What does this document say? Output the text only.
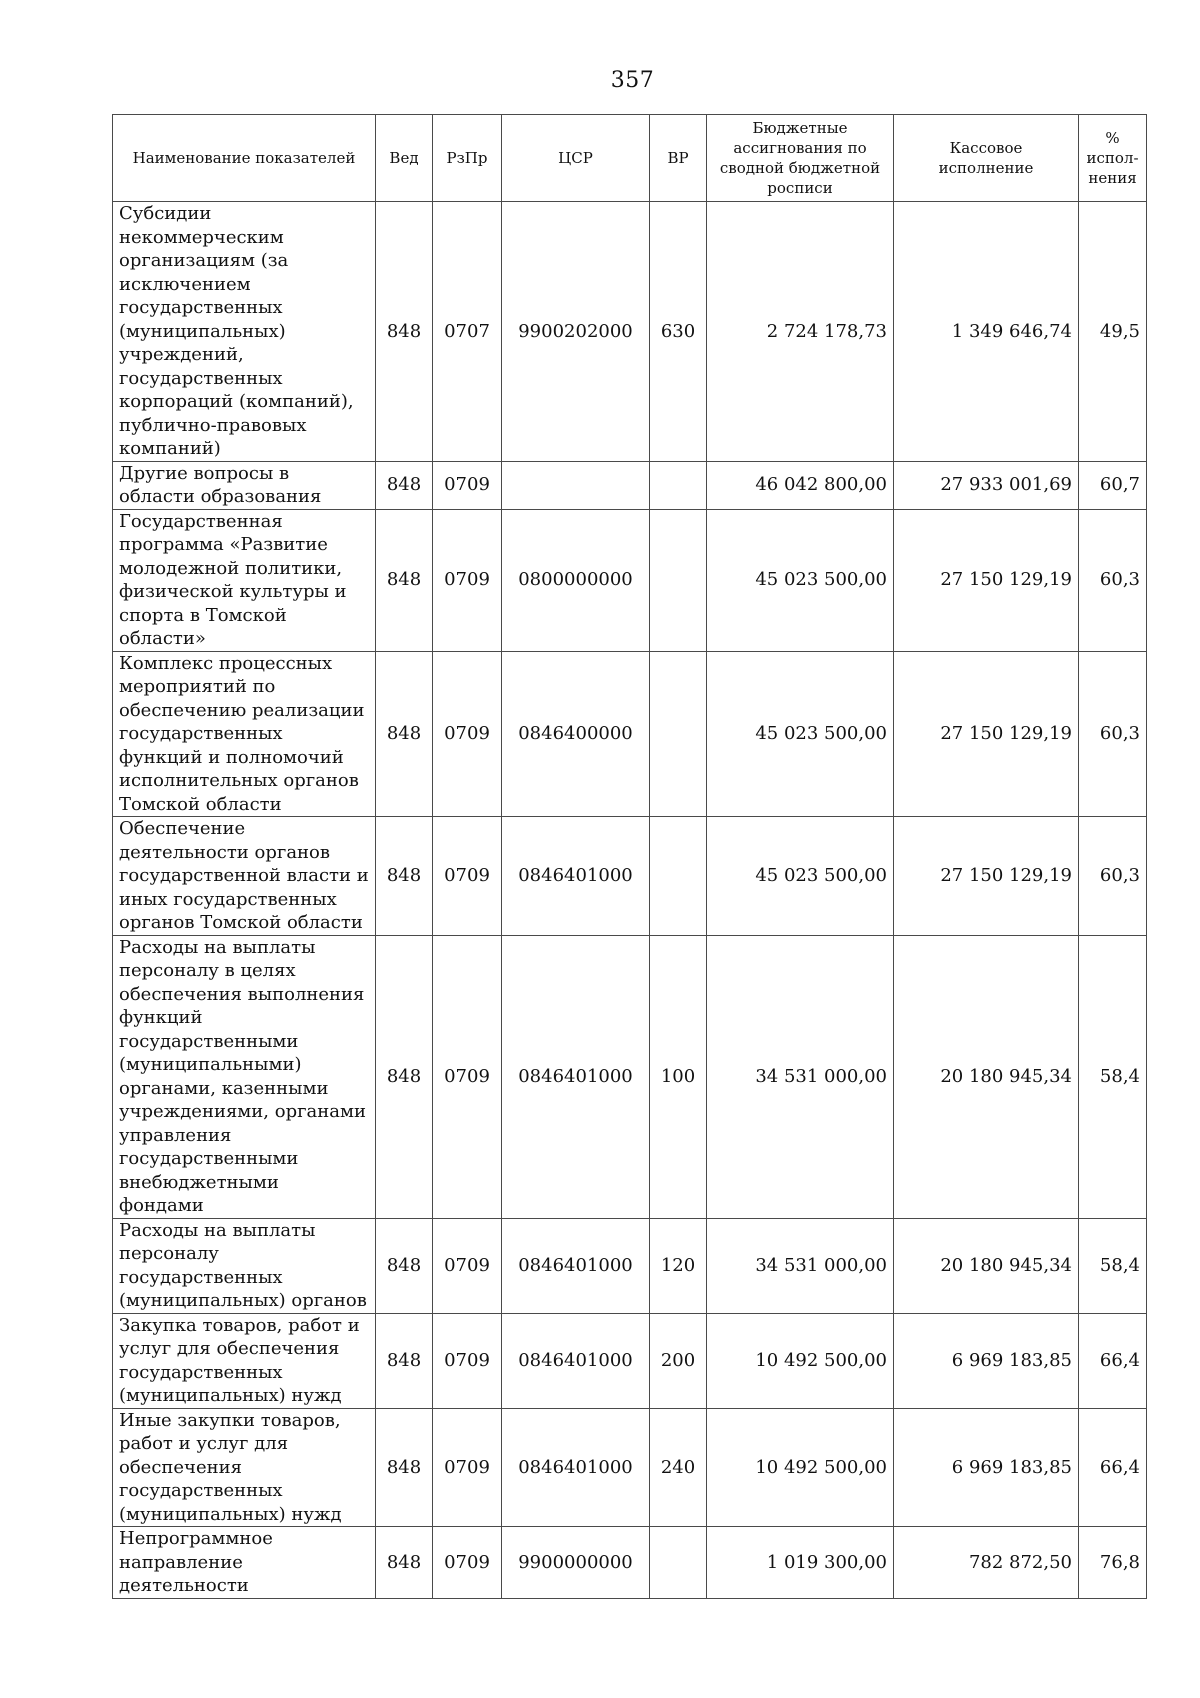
357
Наименование показателей	Вед	РзПр	ЦСР	ВР	Бюджетные ассигнования по сводной бюджетной росписи	Кассовое исполнение	% испол-нения
Субсидии некоммерческим организациям (за исключением государственных (муниципальных) учреждений, государственных корпораций (компаний), публично-правовых компаний)	848	0707	9900202000	630	2 724 178,73	1 349 646,74	49,5
Другие вопросы в области образования	848	0709			46 042 800,00	27 933 001,69	60,7
Государственная программа «Развитие молодежной политики, физической культуры и спорта в Томской области»	848	0709	0800000000		45 023 500,00	27 150 129,19	60,3
Комплекс процессных мероприятий по обеспечению реализации государственных функций и полномочий исполнительных органов Томской области	848	0709	0846400000		45 023 500,00	27 150 129,19	60,3
Обеспечение деятельности органов государственной власти и иных государственных органов Томской области	848	0709	0846401000		45 023 500,00	27 150 129,19	60,3
Расходы на выплаты персоналу в целях обеспечения выполнения функций государственными (муниципальными) органами, казенными учреждениями, органами управления государственными внебюджетными фондами	848	0709	0846401000	100	34 531 000,00	20 180 945,34	58,4
Расходы на выплаты персоналу государственных (муниципальных) органов	848	0709	0846401000	120	34 531 000,00	20 180 945,34	58,4
Закупка товаров, работ и услуг для обеспечения государственных (муниципальных) нужд	848	0709	0846401000	200	10 492 500,00	6 969 183,85	66,4
Иные закупки товаров, работ и услуг для обеспечения государственных (муниципальных) нужд	848	0709	0846401000	240	10 492 500,00	6 969 183,85	66,4
Непрограммное направление деятельности	848	0709	9900000000		1 019 300,00	782 872,50	76,8
